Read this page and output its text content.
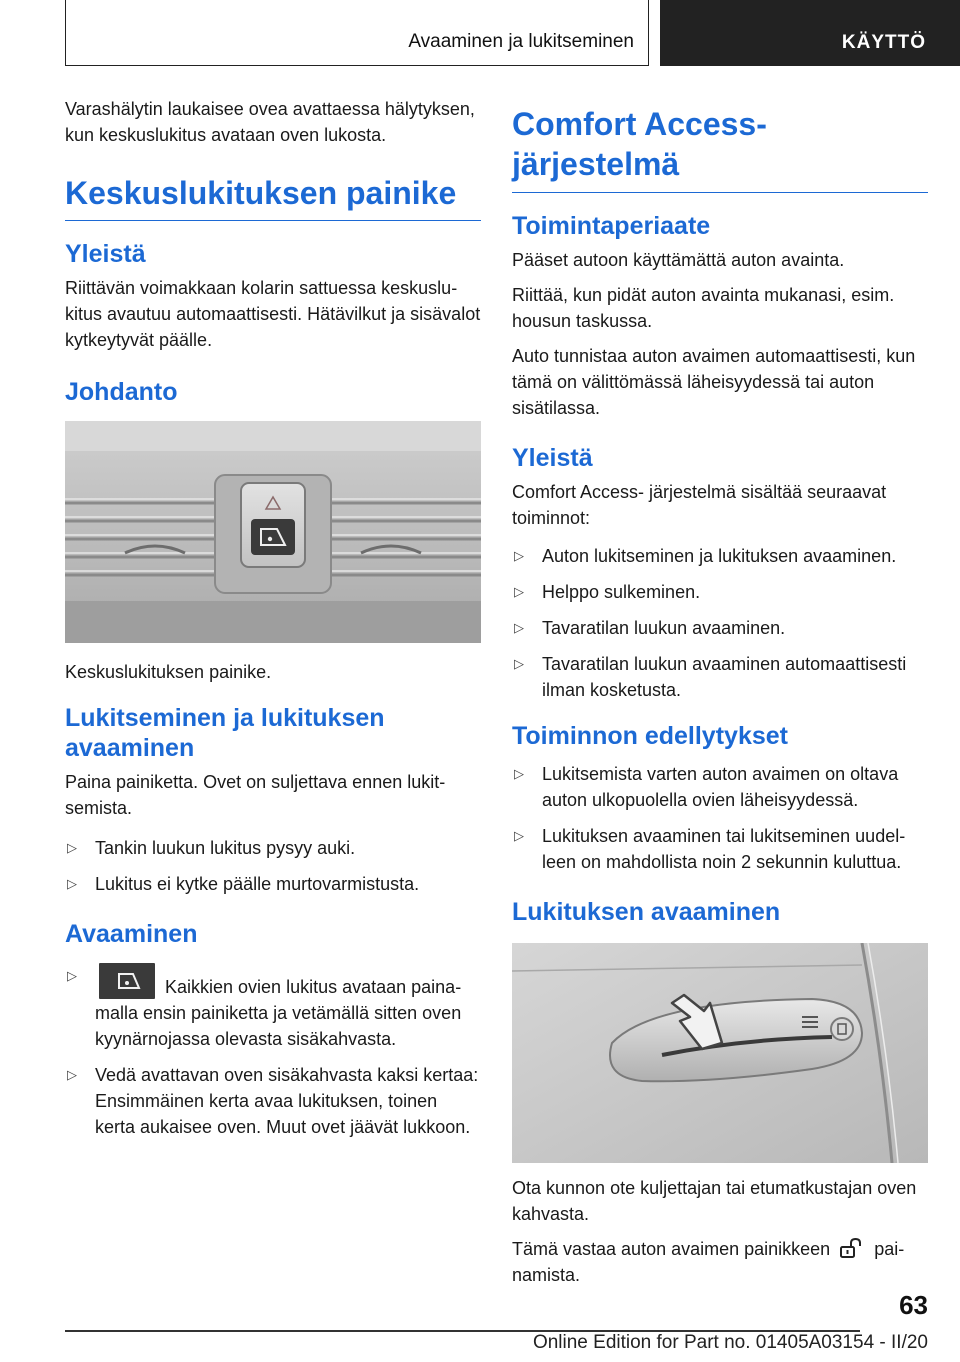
Avaaminen ja lukitseminen	KÄYTTÖ

Varashälytin laukaisee ovea avattaessa hälytyksen, kun keskuslukitus avataan oven lukosta.

Keskuslukituksen painike
Yleistä

Riittävän voimakkaan kolarin sattuessa keskuslukitus avautuu automaattisesti. Hätävilkut ja sisävalot kytkeytyvät päälle.

Johdanto

Keskuslukituksen painike.

Lukitseminen ja lukituksen avaaminen

Paina painiketta. Ovet on suljettava ennen lukitsemista.

▷ Tankin luukun lukitus pysyy auki.
▷ Lukitus ei kytke päälle murtovarmistusta.
Avaaminen
▷
Kaikkien ovien lukitus avataan painamalla ensin painiketta ja vetämällä sitten oven kyynärnojassa olevasta sisäkahvasta.
▷ Vedä avattavan oven sisäkahvasta kaksi kertaa: Ensimmäinen kerta avaa lukituksen, toinen kerta aukaisee oven. Muut ovet jäävät lukkoon.
Comfort Access- järjestelmä
Toimintaperiaate

Pääset autoon käyttämättä auton avainta.

Riittää, kun pidät auton avainta mukanasi, esim. housun taskussa.

Auto tunnistaa auton avaimen automaattisesti, kun tämä on välittömässä läheisyydessä tai auton sisätilassa.

Yleistä

Comfort Access- järjestelmä sisältää seuraavat toiminnot:

▷ Auton lukitseminen ja lukituksen avaaminen.
▷ Helppo sulkeminen.
▷ Tavaratilan luukun avaaminen.
▷ Tavaratilan luukun avaaminen automaattisesti ilman kosketusta.
Toiminnon edellytykset
▷ Lukitsemista varten auton avaimen on oltava auton ulkopuolella ovien läheisyydessä.
▷ Lukituksen avaaminen tai lukitseminen uudelleen on mahdollista noin 2 sekunnin kuluttua.
Lukituksen avaaminen

Ota kunnon ote kuljettajan tai etumatkustajan oven kahvasta.

Tämä vastaa auton avaimen painikkeen painamista.

63
Online Edition for Part no. 01405A03154 - II/20
